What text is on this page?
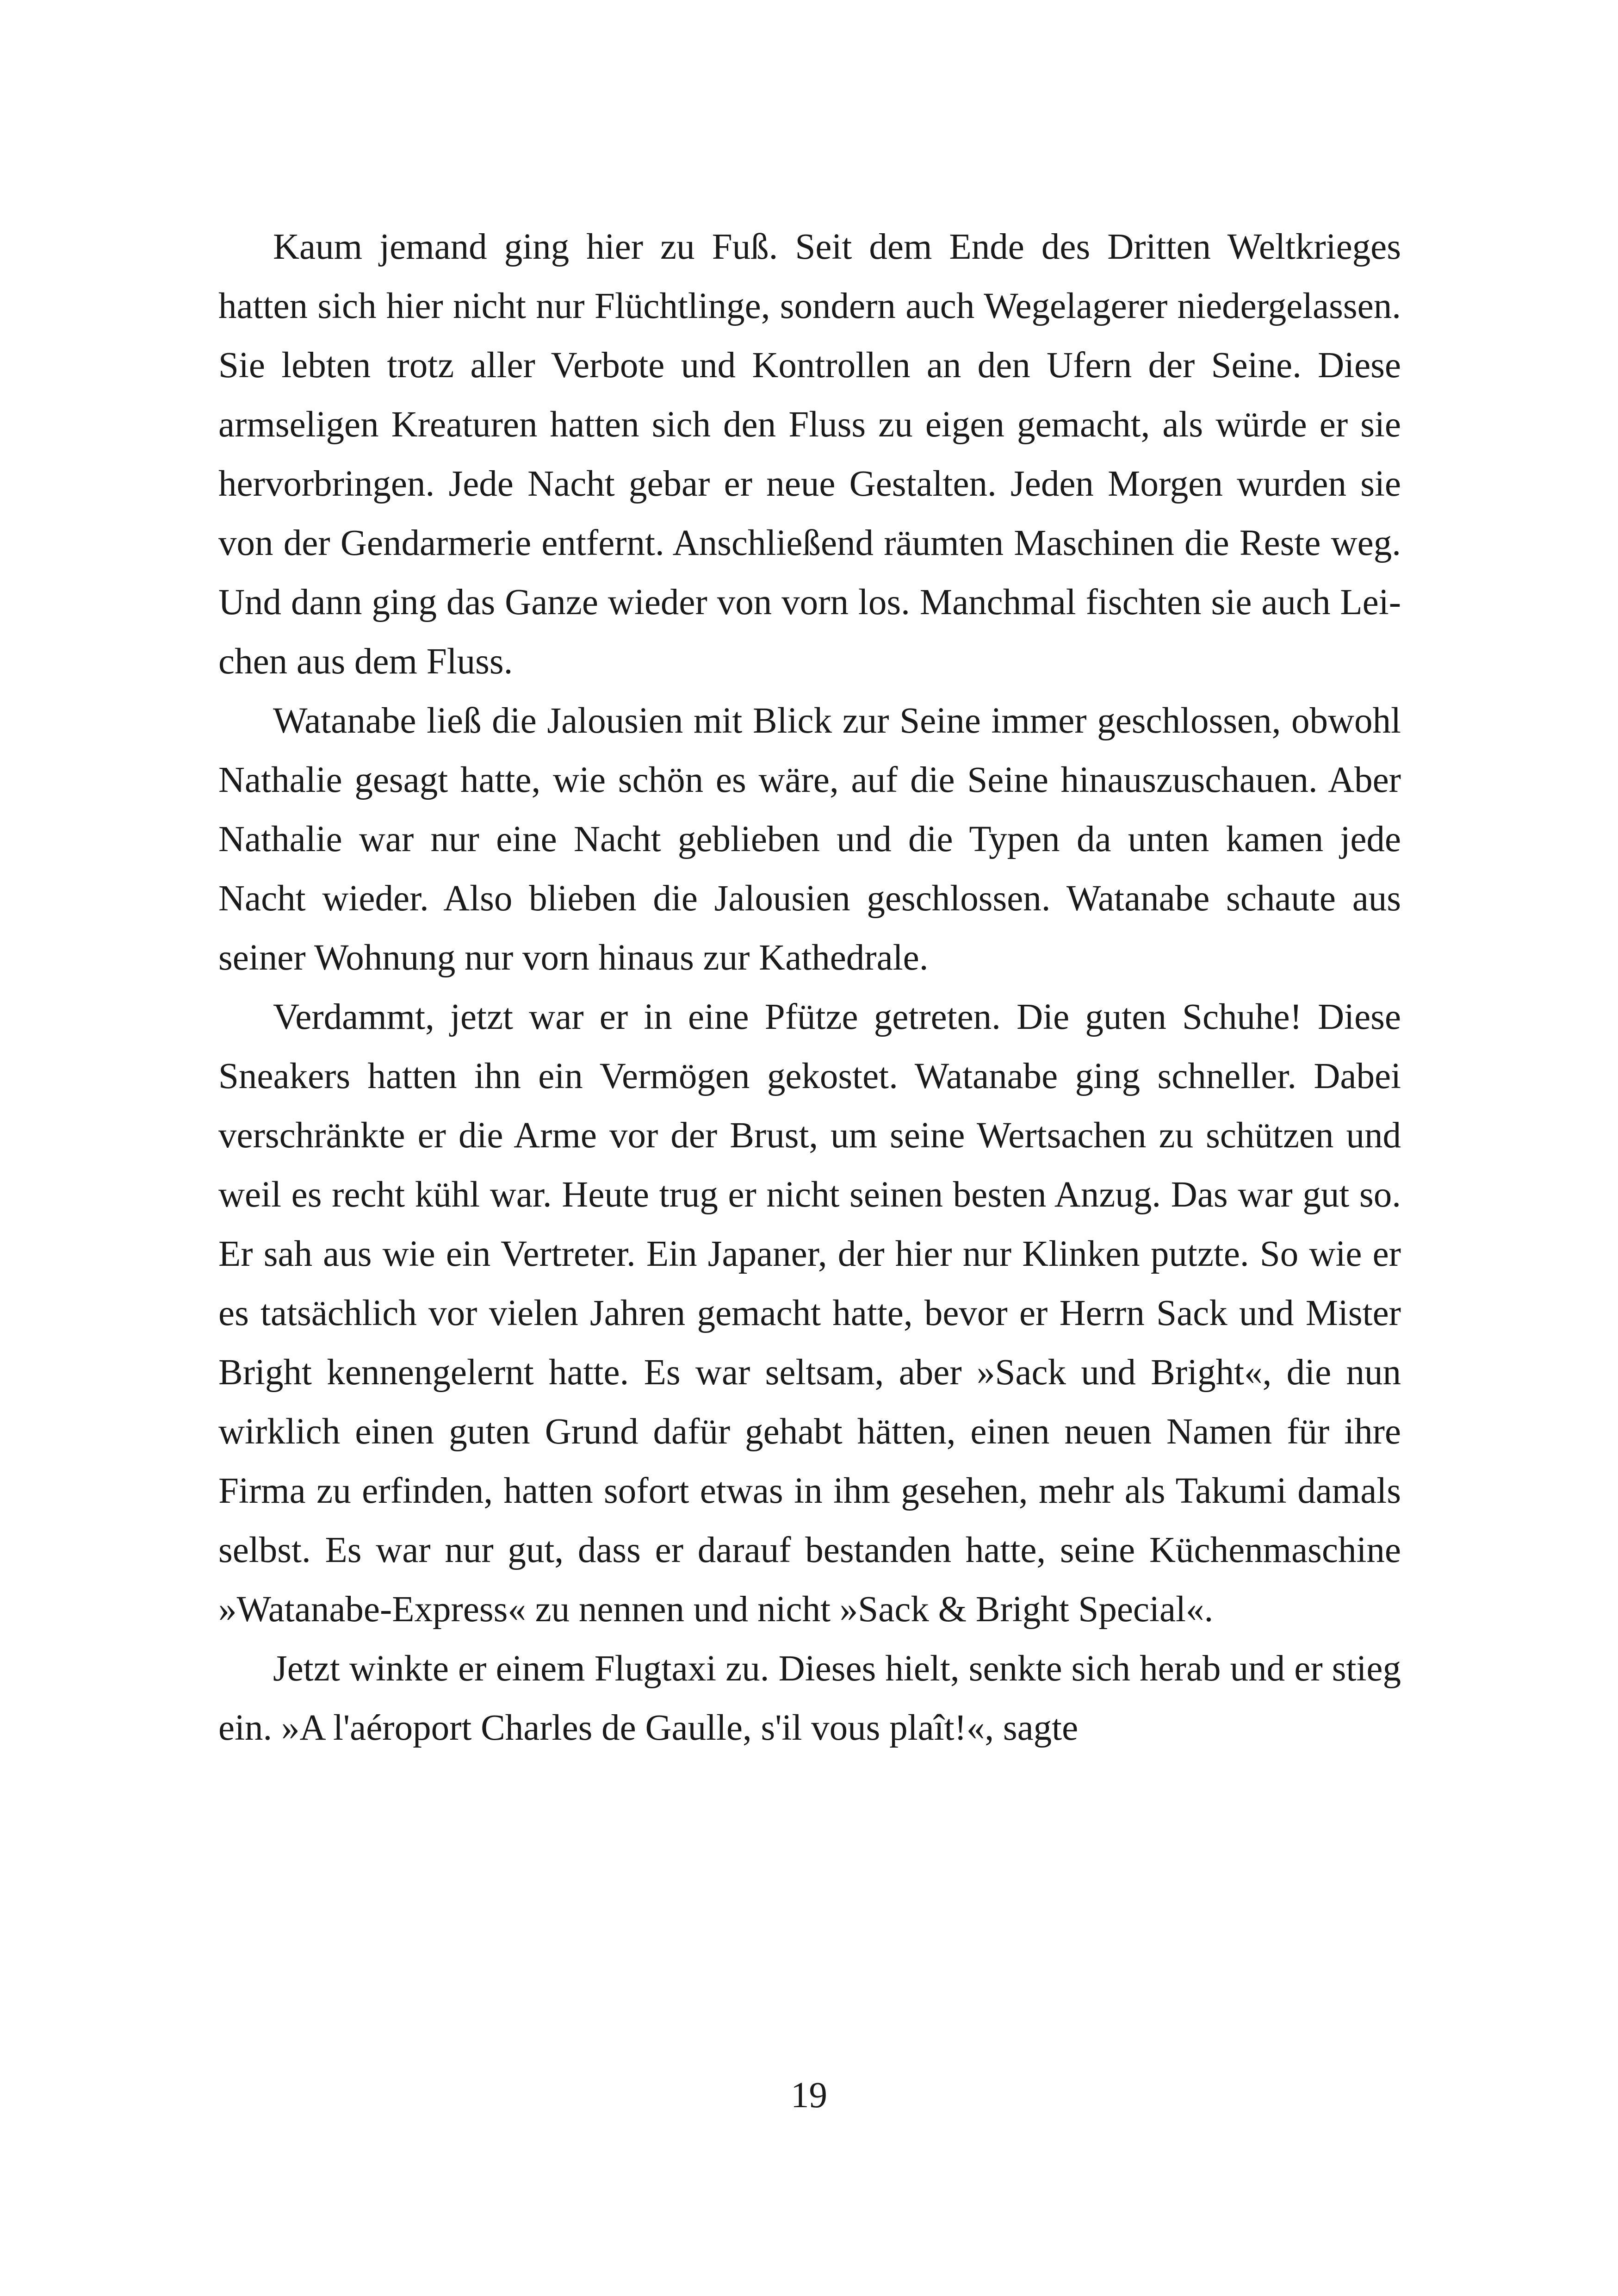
Kaum jemand ging hier zu Fuß. Seit dem Ende des Dritten Weltkrieges hatten sich hier nicht nur Flüchtlinge, sondern auch Wegelagerer niedergelassen. Sie lebten trotz aller Verbote und Kontrollen an den Ufern der Seine. Diese armseligen Kreaturen hatten sich den Fluss zu eigen gemacht, als würde er sie hervorbringen. Jede Nacht gebar er neue Gestalten. Jeden Morgen wurden sie von der Gendarmerie entfernt. Anschließend räumten Maschinen die Reste weg. Und dann ging das Ganze wieder von vorn los. Manchmal fischten sie auch Leichen aus dem Fluss.

Watanabe ließ die Jalousien mit Blick zur Seine immer geschlossen, obwohl Nathalie gesagt hatte, wie schön es wäre, auf die Seine hinauszuschauen. Aber Nathalie war nur eine Nacht geblieben und die Typen da unten kamen jede Nacht wieder. Also blieben die Jalousien geschlossen. Watanabe schaute aus seiner Wohnung nur vorn hinaus zur Kathedrale.

Verdammt, jetzt war er in eine Pfütze getreten. Die guten Schuhe! Diese Sneakers hatten ihn ein Vermögen gekostet. Watanabe ging schneller. Dabei verschränkte er die Arme vor der Brust, um seine Wertsachen zu schützen und weil es recht kühl war. Heute trug er nicht seinen besten Anzug. Das war gut so. Er sah aus wie ein Vertreter. Ein Japaner, der hier nur Klinken putzte. So wie er es tatsächlich vor vielen Jahren gemacht hatte, bevor er Herrn Sack und Mister Bright kennengelernt hatte. Es war seltsam, aber »Sack und Bright«, die nun wirklich einen guten Grund dafür gehabt hätten, einen neuen Namen für ihre Firma zu erfinden, hatten sofort etwas in ihm gesehen, mehr als Takumi damals selbst. Es war nur gut, dass er darauf bestanden hatte, seine Küchenmaschine »Watanabe-Express« zu nennen und nicht »Sack & Bright Special«.

Jetzt winkte er einem Flugtaxi zu. Dieses hielt, senkte sich herab und er stieg ein. »A l'aéroport Charles de Gaulle, s'il vous plaît!«, sagte

19
